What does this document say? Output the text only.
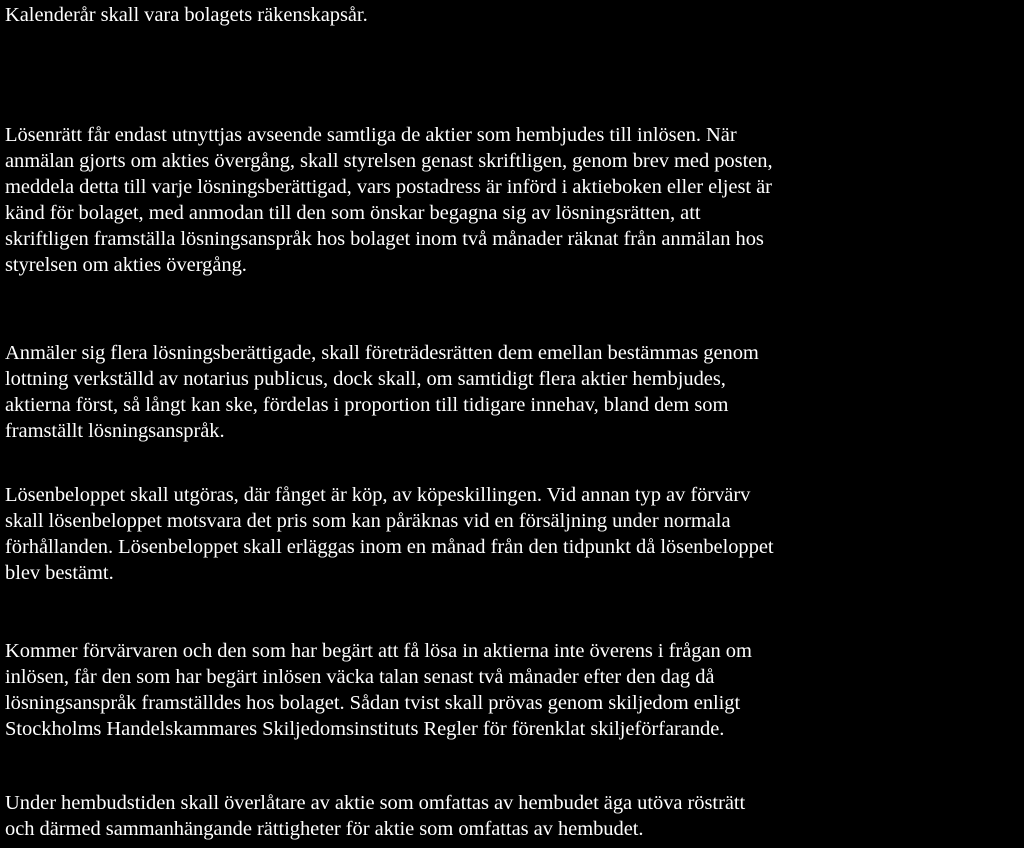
Kalenderår skall vara bolagets räkenskapsår.

Lösenrätt får endast utnyttjas avseende samtliga de aktier som hembjudes till inlösen. När
anmälan gjorts om akties övergång, skall styrelsen genast skriftligen, genom brev med posten,
meddela detta till varje lösningsberättigad, vars postadress är införd i aktieboken eller eljest är
känd för bolaget, med anmodan till den som önskar begagna sig av lösningsrätten, att
skriftligen framställa lösningsanspråk hos bolaget inom två månader räknat från anmälan hos
styrelsen om akties övergång.

Anmäler sig flera lösningsberättigade, skall företrädesrätten dem emellan bestämmas genom
lottning verkställd av notarius publicus, dock skall, om samtidigt flera aktier hembjudes,
aktierna först, så långt kan ske, fördelas i proportion till tidigare innehav, bland dem som
framställt lösningsanspråk.

Lösenbeloppet skall utgöras, där fånget är köp, av köpeskillingen. Vid annan typ av förvärv
skall lösenbeloppet motsvara det pris som kan påräknas vid en försäljning under normala
förhållanden. Lösenbeloppet skall erläggas inom en månad från den tidpunkt då lösenbeloppet
blev bestämt.

Kommer förvärvaren och den som har begärt att få lösa in aktierna inte överens i frågan om
inlösen, får den som har begärt inlösen väcka talan senast två månader efter den dag då
lösningsanspråk framställdes hos bolaget. Sådan tvist skall prövas genom skiljedom enligt
Stockholms Handelskammares Skiljedomsinstituts Regler för förenklat skiljeförfarande.

Under hembudstiden skall överlåtare av aktie som omfattas av hembudet äga utöva rösträtt
och därmed sammanhängande rättigheter för aktie som omfattas av hembudet.
